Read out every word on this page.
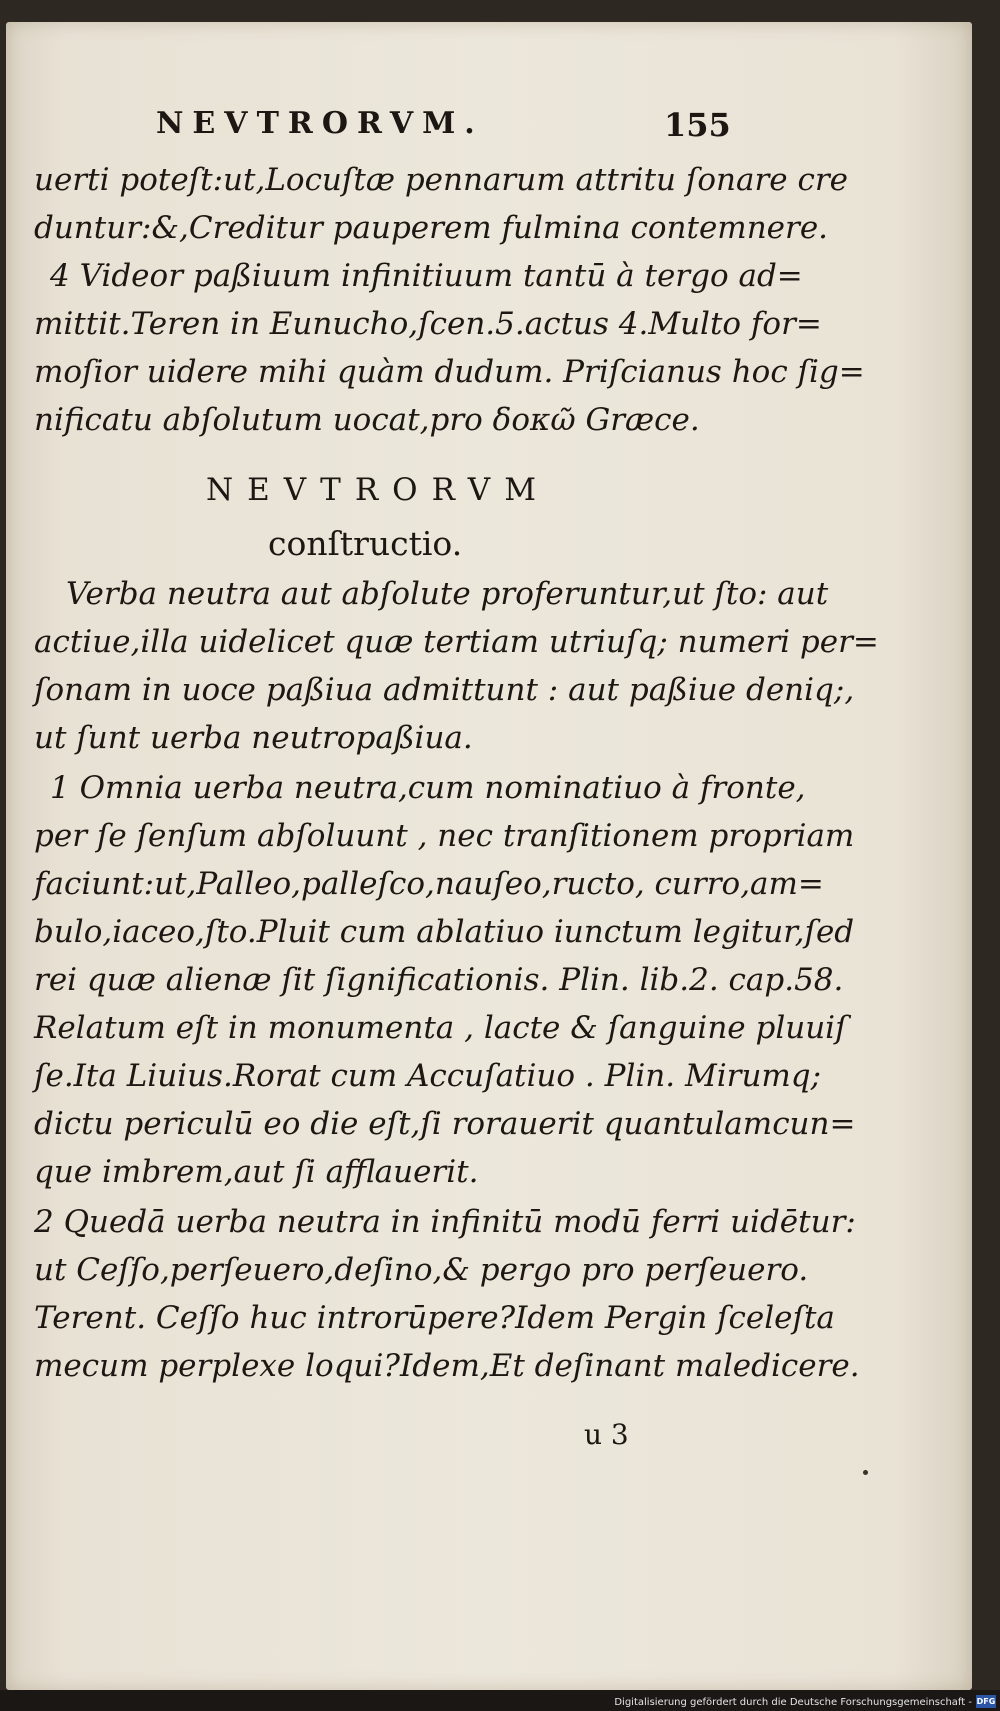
NEVTRORVM.	155
uerti poteſt:ut,Locuſtæ pennarum attritu ſonare cre
duntur:&,Creditur pauperem fulmina contemnere.
4 Videor paßiuum infinitiuum tantū à tergo ad=
mittit.Teren in Eunucho,ſcen.5.actus 4.Multo for=
moſior uidere mihi quàm dudum. Priſcianus hoc ſig=
nificatu abſolutum uocat,pro δοκῶ Græce.
Verba neutra aut abſolute proferuntur,ut ſto: aut
actiue,illa uidelicet quæ tertiam utriuſq; numeri per=
ſonam in uoce paßiua admittunt : aut paßiue deniq;,
ut ſunt uerba neutropaßiua.
1 Omnia uerba neutra,cum nominatiuo à fronte,
per ſe ſenſum abſoluunt , nec tranſitionem propriam
faciunt:ut,Palleo,palleſco,nauſeo,ructo, curro,am=
bulo,iaceo,ſto.Pluit cum ablatiuo iunctum legitur,ſed
rei quæ alienæ ſit ſignificationis. Plin. lib.2. cap.58.
Relatum eſt in monumenta , lacte & ſanguine pluuiſ
ſe.Ita Liuius.Rorat cum Accuſatiuo . Plin. Mirumq;
dictu periculū eo die eſt,ſi rorauerit quantulamcun=
que imbrem,aut ſi afflauerit.
2 Quedā uerba neutra in infinitū modū ferri uidētur:
ut Ceſſo,perſeuero,deſino,& pergo pro perſeuero.
Terent. Ceſſo huc introrūpere?Idem Pergin ſceleſta
mecum perplexe loqui?Idem,Et deſinant maledicere.
NEVTRORVM
conſtructio.
u 3
Digitalisierung gefördert durch die Deutsche Forschungsgemeinschaft - DFG
